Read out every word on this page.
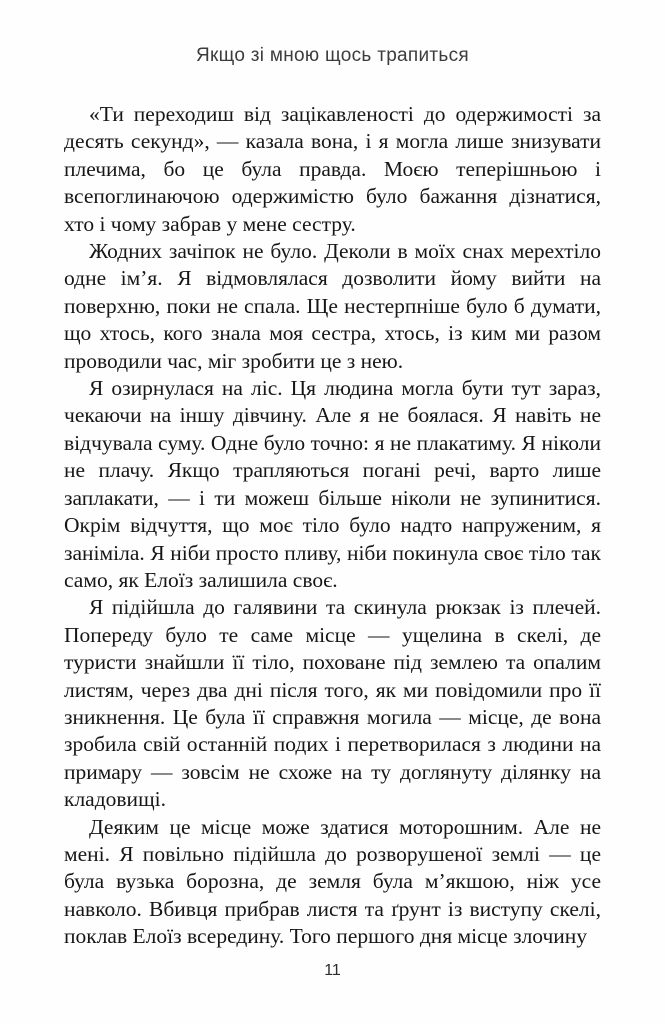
Якщо зі мною щось трапиться

«Ти переходиш від зацікавленості до одержимості за десять секунд», — казала вона, і я могла лише знизувати плечима, бо це була правда. Моєю теперішньою і всепоглинаючою одержимістю було бажання дізнатися, хто і чому забрав у мене сестру.

Жодних зачіпок не було. Деколи в моїх снах мерехтіло одне ім’я. Я відмовлялася дозволити йому вийти на поверхню, поки не спала. Ще нестерпніше було б думати, що хтось, кого знала моя сестра, хтось, із ким ми разом проводили час, міг зробити це з нею.

Я озирнулася на ліс. Ця людина могла бути тут зараз, чекаючи на іншу дівчину. Але я не боялася. Я навіть не відчувала суму. Одне було точно: я не плакатиму. Я ніколи не плачу. Якщо трапляються погані речі, варто лише заплакати, — і ти можеш більше ніколи не зупинитися. Окрім відчуття, що моє тіло було надто напруженим, я заніміла. Я ніби просто пливу, ніби покинула своє тіло так само, як Елоїз залишила своє.

Я підійшла до галявини та скинула рюкзак із плечей. Попереду було те саме місце — ущелина в скелі, де туристи знайшли її тіло, поховане під землею та опалим листям, через два дні після того, як ми повідомили про її зникнення. Це була її справжня могила — місце, де вона зробила свій останній подих і перетворилася з людини на примару — зовсім не схоже на ту доглянуту ділянку на кладовищі.

Деяким це місце може здатися моторошним. Але не мені. Я повільно підійшла до розворушеної землі — це була вузька борозна, де земля була м’якшою, ніж усе навколо. Вбивця прибрав листя та ґрунт із виступу скелі, поклав Елоїз всередину. Того першого дня місце злочину

11
